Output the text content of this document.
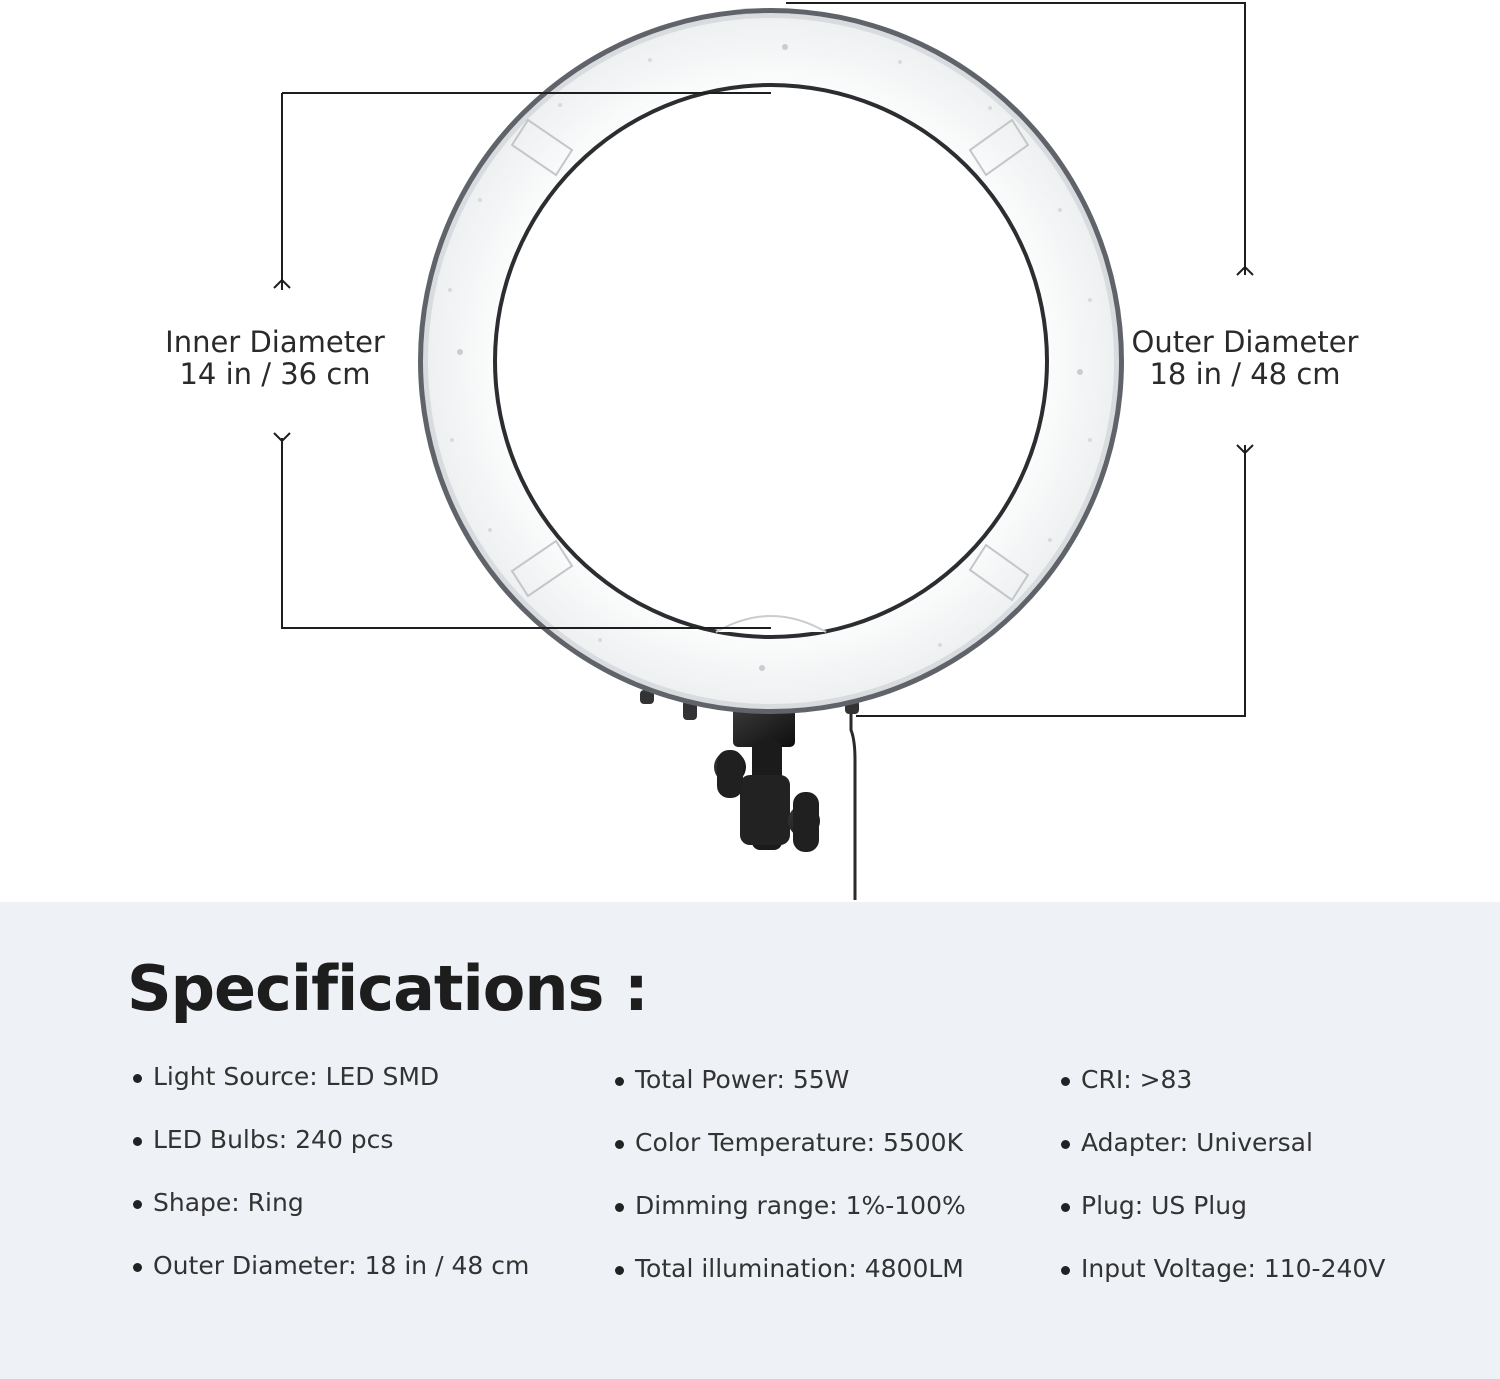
Inner Diameter
14 in / 36 cm
Outer Diameter
18 in / 48 cm
Specifications :
Light Source: LED SMD
LED Bulbs: 240 pcs
Shape: Ring
Outer Diameter: 18 in / 48 cm
Total Power: 55W
Color Temperature: 5500K
Dimming range: 1%-100%
Total illumination: 4800LM
CRI: >83
Adapter: Universal
Plug: US Plug
Input Voltage: 110-240V
